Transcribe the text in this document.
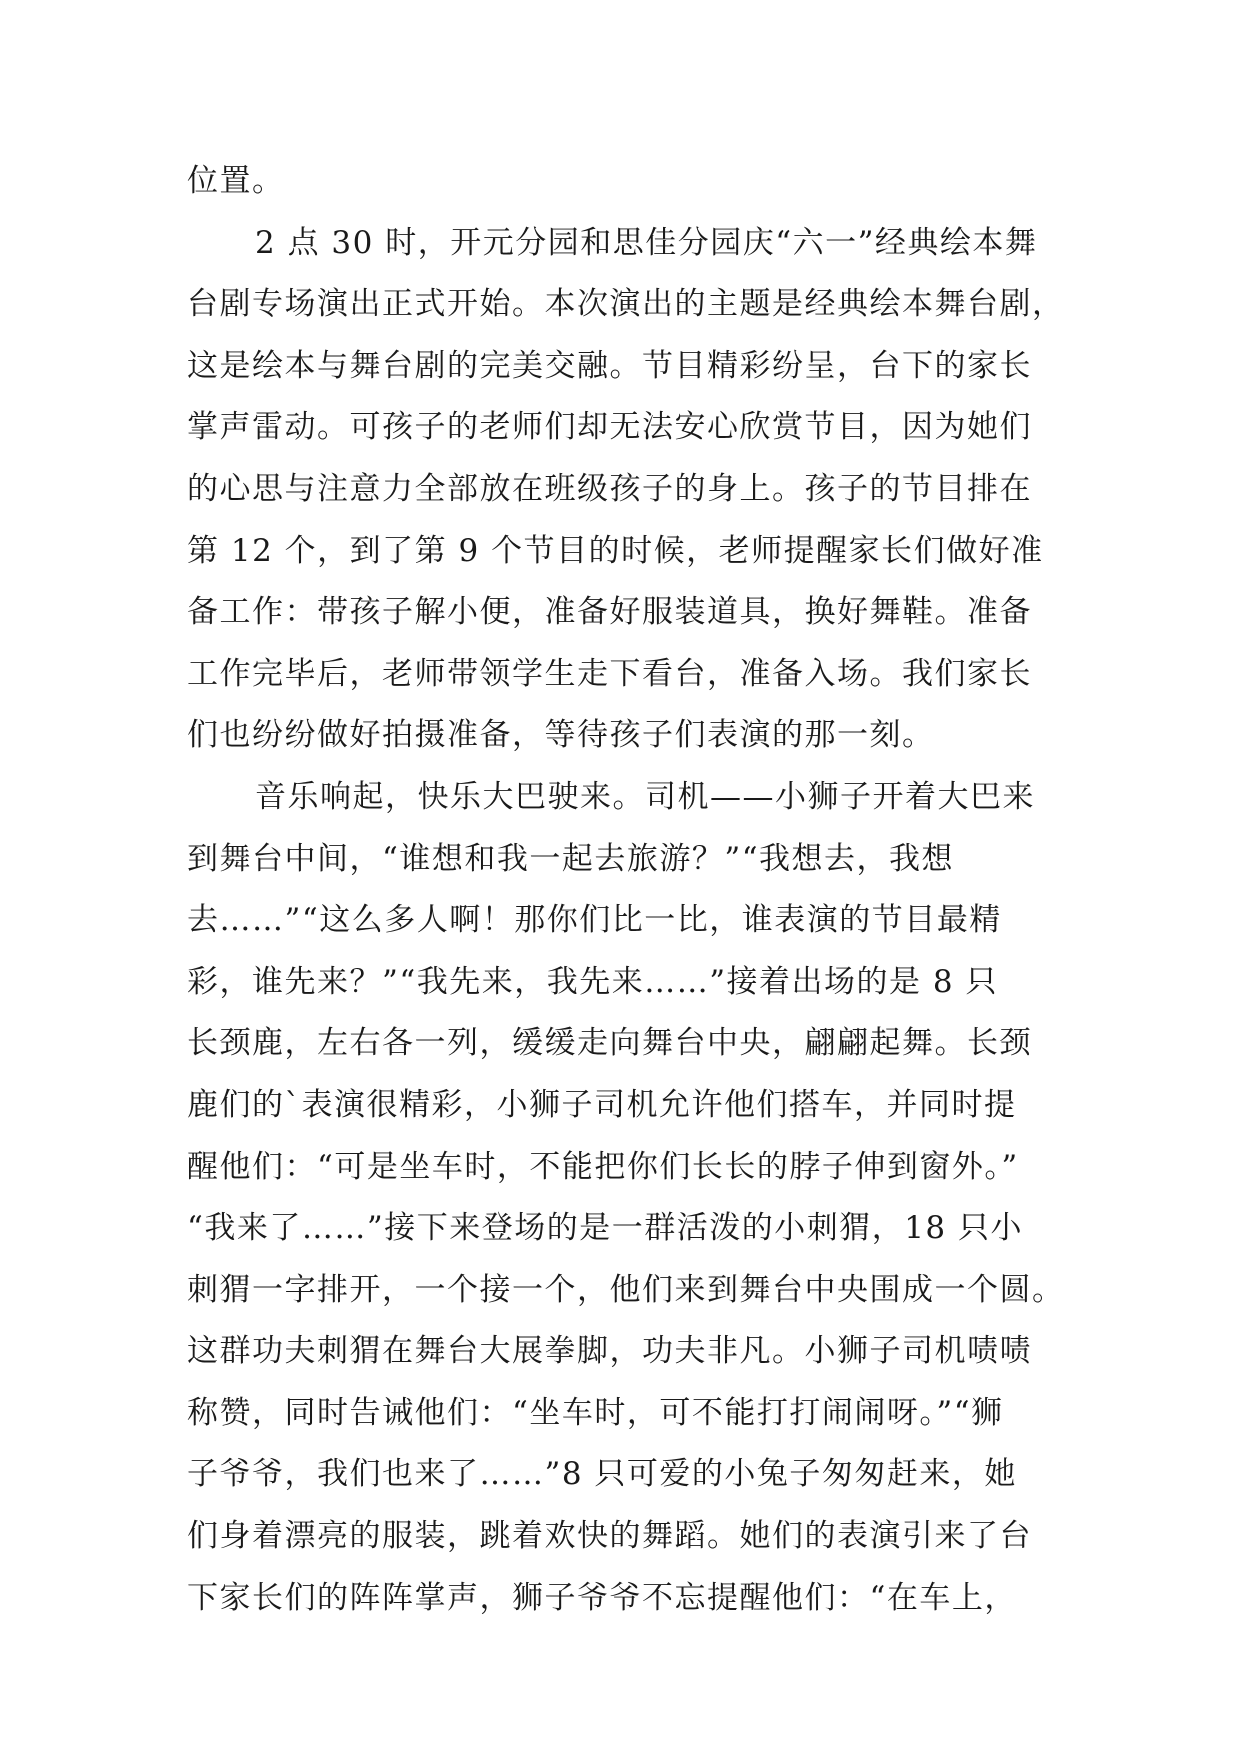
位置。
2 点 30 时，开元分园和思佳分园庆“六一”经典绘本舞
台剧专场演出正式开始。本次演出的主题是经典绘本舞台剧，
这是绘本与舞台剧的完美交融。节目精彩纷呈，台下的家长
掌声雷动。可孩子的老师们却无法安心欣赏节目，因为她们
的心思与注意力全部放在班级孩子的身上。孩子的节目排在
第 12 个，到了第 9 个节目的时候，老师提醒家长们做好准
备工作：带孩子解小便，准备好服装道具，换好舞鞋。准备
工作完毕后，老师带领学生走下看台，准备入场。我们家长
们也纷纷做好拍摄准备，等待孩子们表演的那一刻。
音乐响起，快乐大巴驶来。司机——小狮子开着大巴来
到舞台中间，“谁想和我一起去旅游？”“我想去，我想
去……”“这么多人啊！那你们比一比，谁表演的节目最精
彩，谁先来？”“我先来，我先来……”接着出场的是 8 只
长颈鹿，左右各一列，缓缓走向舞台中央，翩翩起舞。长颈
鹿们的`表演很精彩，小狮子司机允许他们搭车，并同时提
醒他们：“可是坐车时，不能把你们长长的脖子伸到窗外。”
“我来了……”接下来登场的是一群活泼的小刺猬，18 只小
刺猬一字排开，一个接一个，他们来到舞台中央围成一个圆。
这群功夫刺猬在舞台大展拳脚，功夫非凡。小狮子司机啧啧
称赞，同时告诫他们：“坐车时，可不能打打闹闹呀。”“狮
子爷爷，我们也来了……”8 只可爱的小兔子匆匆赶来，她
们身着漂亮的服装，跳着欢快的舞蹈。她们的表演引来了台
下家长们的阵阵掌声，狮子爷爷不忘提醒他们：“在车上，
